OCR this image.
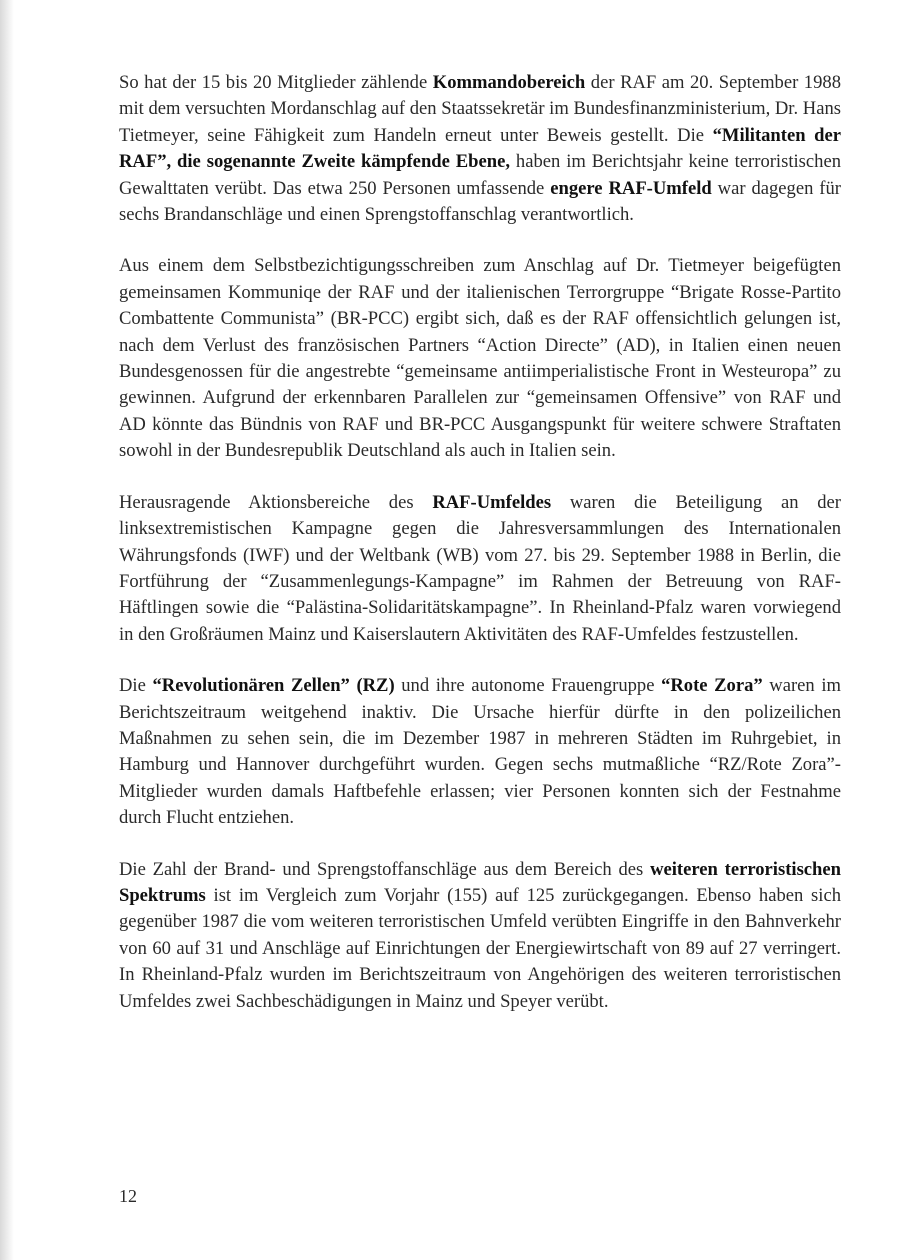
So hat der 15 bis 20 Mitglieder zählende Kommandobereich der RAF am 20. September 1988 mit dem versuchten Mordanschlag auf den Staatssekretär im Bundesfinanzministerium, Dr. Hans Tietmeyer, seine Fähigkeit zum Handeln erneut unter Beweis gestellt. Die “Militanten der RAF”, die sogenannte Zweite kämpfende Ebene, haben im Berichtsjahr keine terroristischen Gewalttaten verübt. Das etwa 250 Personen umfassende engere RAF-Umfeld war dagegen für sechs Brandanschläge und einen Sprengstoffanschlag verantwortlich.

Aus einem dem Selbstbezichtigungsschreiben zum Anschlag auf Dr. Tietmeyer beigefügten gemeinsamen Kommuniqe der RAF und der italienischen Terrorgruppe “Brigate Rosse-Partito Combattente Communista” (BR-PCC) ergibt sich, daß es der RAF offensichtlich gelungen ist, nach dem Verlust des französischen Partners “Action Directe” (AD), in Italien einen neuen Bundesgenossen für die angestrebte “gemeinsame antiimperialistische Front in Westeuropa” zu gewinnen. Aufgrund der erkennbaren Parallelen zur “gemeinsamen Offensive” von RAF und AD könnte das Bündnis von RAF und BR-PCC Ausgangspunkt für weitere schwere Straftaten sowohl in der Bundesrepublik Deutschland als auch in Italien sein.

Herausragende Aktionsbereiche des RAF-Umfeldes waren die Beteiligung an der linksextremistischen Kampagne gegen die Jahresversammlungen des Internationalen Währungsfonds (IWF) und der Weltbank (WB) vom 27. bis 29. September 1988 in Berlin, die Fortführung der “Zusammenlegungs-Kampagne” im Rahmen der Betreuung von RAF-Häftlingen sowie die “Palästina-Solidaritätskampagne”. In Rheinland-Pfalz waren vorwiegend in den Großräumen Mainz und Kaiserslautern Aktivitäten des RAF-Umfeldes festzustellen.

Die “Revolutionären Zellen” (RZ) und ihre autonome Frauengruppe “Rote Zora” waren im Berichtszeitraum weitgehend inaktiv. Die Ursache hierfür dürfte in den polizeilichen Maßnahmen zu sehen sein, die im Dezember 1987 in mehreren Städten im Ruhrgebiet, in Hamburg und Hannover durchgeführt wurden. Gegen sechs mutmaßliche “RZ/Rote Zora”-Mitglieder wurden damals Haftbefehle erlassen; vier Personen konnten sich der Festnahme durch Flucht entziehen.

Die Zahl der Brand- und Sprengstoffanschläge aus dem Bereich des weiteren terroristischen Spektrums ist im Vergleich zum Vorjahr (155) auf 125 zurückgegangen. Ebenso haben sich gegenüber 1987 die vom weiteren terroristischen Umfeld verübten Eingriffe in den Bahnverkehr von 60 auf 31 und Anschläge auf Einrichtungen der Energiewirtschaft von 89 auf 27 verringert. In Rheinland-Pfalz wurden im Berichtszeitraum von Angehörigen des weiteren terroristischen Umfeldes zwei Sachbeschädigungen in Mainz und Speyer verübt.

12
